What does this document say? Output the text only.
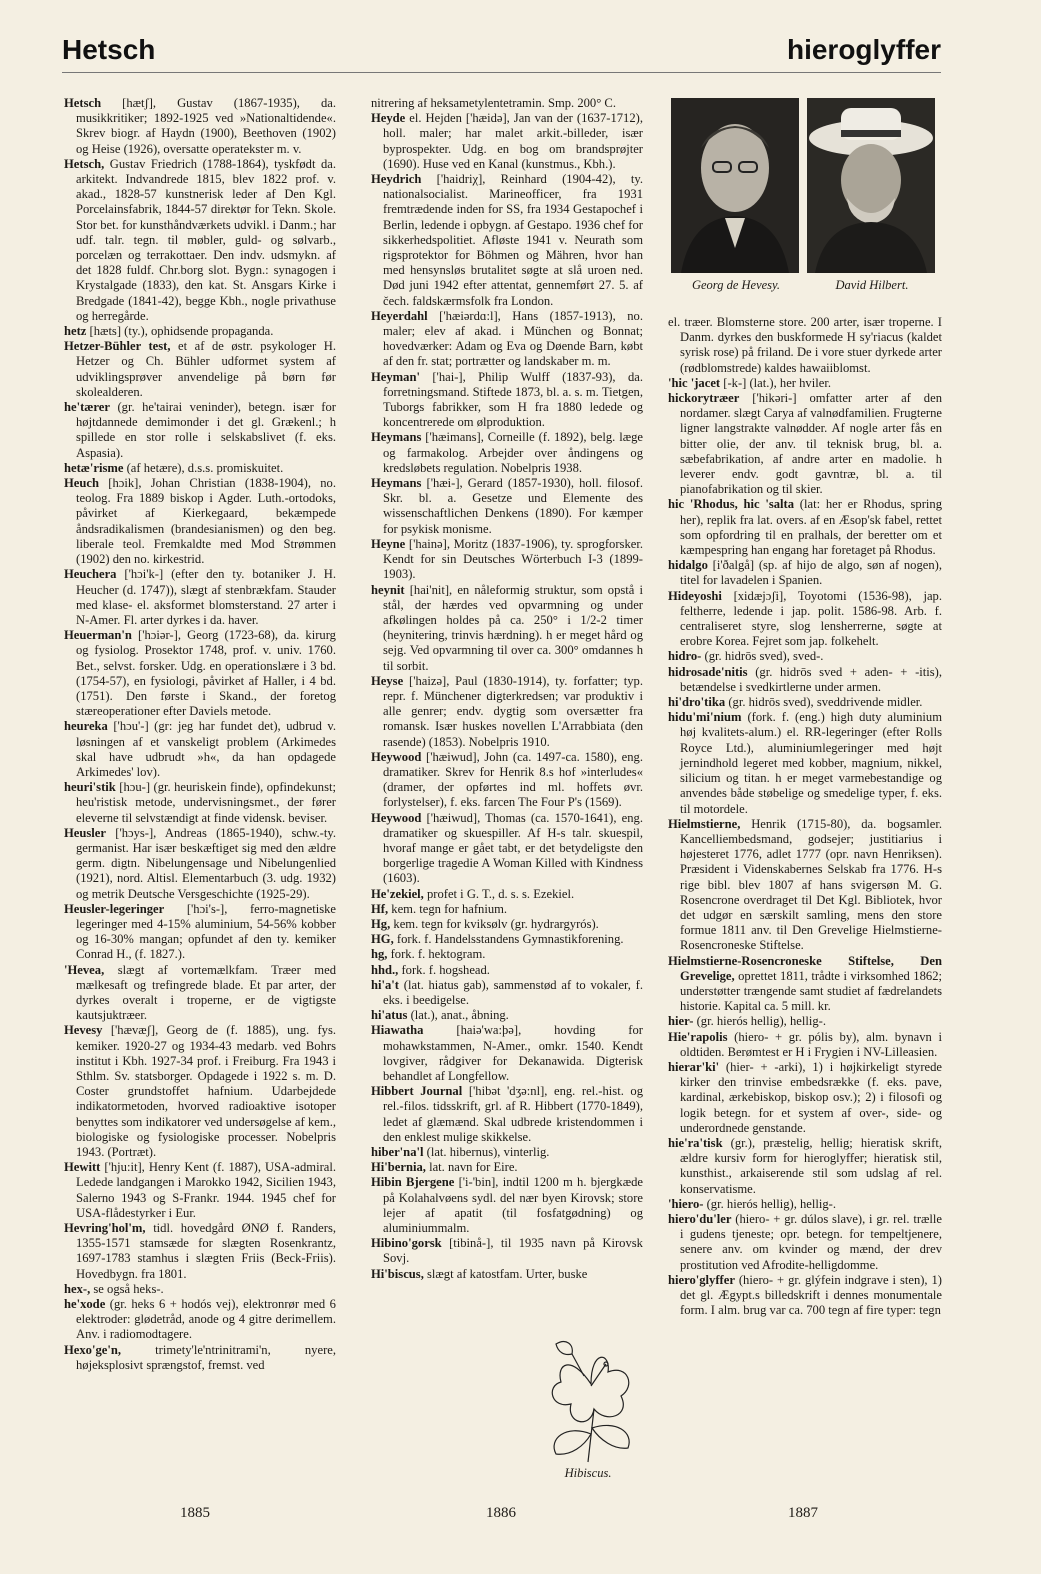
Hetsch	hieroglyffer

Hetsch [hætʃ], Gustav (1867-1935), da. musikkritiker; 1892-1925 ved »Nationaltidende«. Skrev biogr. af Haydn (1900), Beethoven (1902) og Heise (1926), oversatte operatekster m. v.

Hetsch, Gustav Friedrich (1788-1864), tyskfødt da. arkitekt. Indvandrede 1815, blev 1822 prof. v. akad., 1828-57 kunstnerisk leder af Den Kgl. Porcelainsfabrik, 1844-57 direktør for Tekn. Skole. Stor bet. for kunsthåndværkets udvikl. i Danm.; har udf. talr. tegn. til møbler, guld- og sølvarb., porcelæn og terrakottaer. Den indv. udsmykn. af det 1828 fuldf. Chr.borg slot. Bygn.: synagogen i Krystalgade (1833), den kat. St. Ansgars Kirke i Bredgade (1841-42), begge Kbh., nogle privathuse og herregårde.

hetz [hæts] (ty.), ophidsende propaganda.

Hetzer-Bühler test, et af de østr. psykologer H. Hetzer og Ch. Bühler udformet system af udviklingsprøver anvendelige på børn før skolealderen.

he'tærer (gr. he'tairai veninder), betegn. især for højtdannede demimonder i det gl. Grækenl.; h spillede en stor rolle i selskabslivet (f. eks. Aspasia).

hetæ'risme (af hetære), d.s.s. promiskuitet.

Heuch [hɔik], Johan Christian (1838-1904), no. teolog. Fra 1889 biskop i Agder. Luth.-ortodoks, påvirket af Kierkegaard, bekæmpede åndsradikalismen (brandesianismen) og den beg. liberale teol. Fremkaldte med Mod Strømmen (1902) den no. kirkestrid.

Heuchera ['hɔi'k-] (efter den ty. botaniker J. H. Heucher (d. 1747)), slægt af stenbrækfam. Stauder med klase- el. aksformet blomsterstand. 27 arter i N-Amer. Fl. arter dyrkes i da. haver.

Heuerman'n ['hɔiər-], Georg (1723-68), da. kirurg og fysiolog. Prosektor 1748, prof. v. univ. 1760. Bet., selvst. forsker. Udg. en operationslære i 3 bd. (1754-57), en fysiologi, påvirket af Haller, i 4 bd. (1751). Den første i Skand., der foretog stæreoperationer efter Daviels metode.

heureka ['hɔu'-] (gr: jeg har fundet det), udbrud v. løsningen af et vanskeligt problem (Arkimedes skal have udbrudt »h«, da han opdagede Arkimedes' lov).

heuri'stik [hɔu-] (gr. heuriskein finde), opfindekunst; heu'ristisk metode, undervisningsmet., der fører eleverne til selvstændigt at finde vidensk. beviser.

Heusler ['hɔys-], Andreas (1865-1940), schw.-ty. germanist. Har især beskæftiget sig med den ældre germ. digtn. Nibelungensage und Nibelungenlied (1921), nord. Altisl. Elementarbuch (3. udg. 1932) og metrik Deutsche Versgeschichte (1925-29).

Heusler-legeringer ['hɔi's-], ferro-magnetiske legeringer med 4-15% aluminium, 54-56% kobber og 16-30% mangan; opfundet af den ty. kemiker Conrad H., (f. 1827.).

'Hevea, slægt af vortemælkfam. Træer med mælkesaft og trefingrede blade. Et par arter, der dyrkes overalt i troperne, er de vigtigste kautsjuktræer.

Hevesy ['hævæʃ], Georg de (f. 1885), ung. fys. kemiker. 1920-27 og 1934-43 medarb. ved Bohrs institut i Kbh. 1927-34 prof. i Freiburg. Fra 1943 i Sthlm. Sv. statsborger. Opdagede i 1922 s. m. D. Coster grundstoffet hafnium. Udarbejdede indikatormetoden, hvorved radioaktive isotoper benyttes som indikatorer ved undersøgelse af kem., biologiske og fysiologiske processer. Nobelpris 1943. (Portræt).

Hewitt ['hju:it], Henry Kent (f. 1887), USA-admiral. Ledede landgangen i Marokko 1942, Sicilien 1943, Salerno 1943 og S-Frankr. 1944. 1945 chef for USA-flådestyrker i Eur.

Hevring'hol'm, tidl. hovedgård ØNØ f. Randers, 1355-1571 stamsæde for slægten Rosenkrantz, 1697-1783 stamhus i slægten Friis (Beck-Friis). Hovedbygn. fra 1801.

hex-, se også heks-.

he'xode (gr. heks 6 + hodós vej), elektronrør med 6 elektroder: glødetråd, anode og 4 gitre derimellem. Anv. i radiomodtagere.

Hexo'ge'n,	trimety'le'ntrinitrami'n, nyere, højeksplosivt sprængstof, fremst. ved

nitrering af heksametylentetramin. Smp. 200° C.

Heyde el. Hejden ['hæidə], Jan van der (1637-1712), holl. maler; har malet arkit.-billeder, især byprospekter. Udg. en bog om brandsprøjter (1690). Huse ved en Kanal (kunstmus., Kbh.).

Heydrich ['haidriχ], Reinhard (1904-42), ty. nationalsocialist. Marineofficer, fra 1931 fremtrædende inden for SS, fra 1934 Gestapochef i Berlin, ledende i opbygn. af Gestapo. 1936 chef for sikkerhedspolitiet. Afløste 1941 v. Neurath som rigsprotektor for Böhmen og Mähren, hvor han med hensynsløs brutalitet søgte at slå uroen ned. Død juni 1942 efter attentat, gennemført 27. 5. af čech. faldskærmsfolk fra London.

Heyerdahl ['hæiərdɑ:l], Hans (1857-1913), no. maler; elev af akad. i München og Bonnat; hovedværker: Adam og Eva og Døende Barn, købt af den fr. stat; portrætter og landskaber m. m.

Heyman' ['hai-], Philip Wulff (1837-93), da. forretningsmand. Stiftede 1873, bl. a. s. m. Tietgen, Tuborgs fabrikker, som H fra 1880 ledede og koncentrerede om ølproduktion.

Heymans ['hæimans], Corneille (f. 1892), belg. læge og farmakolog. Arbejder over åndingens og kredsløbets regulation. Nobelpris 1938.

Heymans ['hæi-], Gerard (1857-1930), holl. filosof. Skr. bl. a. Gesetze und Elemente des wissenschaftlichen Denkens (1890). For kæmper for psykisk monisme.

Heyne ['hainə], Moritz (1837-1906), ty. sprogforsker. Kendt for sin Deutsches Wörterbuch I-3 (1899-1903).

heynit [hai'nit], en nåleformig struktur, som opstå i stål, der hærdes ved opvarmning og under afkølingen holdes på ca. 250° i 1/2-2 timer (heynitering, trinvis hærdning). h er meget hård og sejg. Ved opvarmning til over ca. 300° omdannes h til sorbit.

Heyse ['haizə], Paul (1830-1914), ty. forfatter; typ. repr. f. Münchener digterkredsen; var produktiv i alle genrer; endv. dygtig som oversætter fra romansk. Især huskes novellen L'Arrabbiata (den rasende) (1853). Nobelpris 1910.

Heywood ['hæiwud], John (ca. 1497-ca. 1580), eng. dramatiker. Skrev for Henrik 8.s hof »interludes« (dramer, der opførtes ind ml. hoffets øvr. forlystelser), f. eks. farcen The Four P's (1569).

Heywood ['hæiwud], Thomas (ca. 1570-1641), eng. dramatiker og skuespiller. Af H-s talr. skuespil, hvoraf mange er gået tabt, er det betydeligste den borgerlige tragedie A Woman Killed with Kindness (1603).

He'zekiel, profet i G. T., d. s. s. Ezekiel.

Hf, kem. tegn for hafnium.

Hg, kem. tegn for kviksølv (gr. hydrargyrós).

HG, fork. f. Handelsstandens Gymnastikforening.

hg, fork. f. hektogram.

hhd., fork. f. hogshead.

hi'a't (lat. hiatus gab), sammenstød af to vokaler, f. eks. i beedigelse.

hi'atus (lat.), anat., åbning.

Hiawatha	[haiə'wa:þə], hovding for mohawkstammen, N-Amer., omkr. 1540. Kendt lovgiver, rådgiver for Dekanawida. Digterisk behandlet af Longfellow.

Hibbert Journal ['hibət 'dʒə:nl], eng. rel.-hist. og rel.-filos. tidsskrift, grl. af R. Hibbert (1770-1849), ledet af glæmænd. Skal udbrede kristendommen i den enklest mulige skikkelse.

hiber'na'l (lat. hibernus), vinterlig.

Hi'bernia, lat. navn for Eire.

Hibin Bjergene ['i-'bin], indtil 1200 m h. bjergkæde på Kolahalvøens sydl. del nær byen Kirovsk; store lejer af apatit (til fosfatgødning) og aluminiummalm.

Hibino'gorsk [tibinå-], til 1935 navn på Kirovsk Sovj.

Hi'biscus, slægt af katostfam. Urter, buske

Georg de Hevesy.	David Hilbert.

el. træer. Blomsterne store. 200 arter, især troperne. I Danm. dyrkes den buskformede H sy'riacus (kaldet syrisk rose) på friland. De i vore stuer dyrkede arter (rødblomstrede) kaldes hawaiiblomst.

'hic 'jacet [-k-] (lat.), her hviler.

hickorytræer ['hikəri-] omfatter arter af den nordamer. slægt Carya af valnødfamilien. Frugterne ligner langstrakte valnødder. Af nogle arter fås en bitter olie, der anv. til teknisk brug, bl. a. sæbefabrikation, af andre arter en madolie. h leverer endv. godt gavntræ, bl. a. til pianofabrikation og til skier.

hic 'Rhodus, hic 'salta (lat: her er Rhodus, spring her), replik fra lat. overs. af en Æsop'sk fabel, rettet som opfordring til en pralhals, der beretter om et kæmpespring han engang har foretaget på Rhodus.

hidalgo [i'ðalgå] (sp. af hijo de algo, søn af nogen), titel for lavadelen i Spanien.

Hideyoshi [xidæjɔʃi], Toyotomi (1536-98), jap. feltherre, ledende i jap. polit. 1586-98. Arb. f. centraliseret styre, slog lensherrerne, søgte at erobre Korea. Fejret som jap. folkehelt.

hidro- (gr. hidrōs sved), sved-.

hidrosade'nitis (gr. hidrōs sved + aden- + -itis), betændelse i svedkirtlerne under armen.

hi'dro'tika (gr. hidrōs sved), sveddrivende midler.

hidu'mi'nium (fork. f. (eng.) high duty aluminium høj kvalitets-alum.) el. RR-legeringer (efter Rolls Royce Ltd.), aluminiumlegeringer med højt jernindhold legeret med kobber, magnium, nikkel, silicium og titan. h er meget varmebestandige og anvendes både støbelige og smedelige typer, f. eks. til motordele.

Hielmstierne, Henrik (1715-80), da. bogsamler. Kancelliembedsmand, godsejer; justitiarius i højesteret 1776, adlet 1777 (opr. navn Henriksen). Præsident i Videnskabernes Selskab fra 1776. H-s rige bibl. blev 1807 af hans svigersøn M. G. Rosencrone overdraget til Det Kgl. Bibliotek, hvor det udgør en særskilt samling, mens den store formue 1811 anv. til Den Grevelige Hielmstierne-Rosencroneske Stiftelse.

Hielmstierne-Rosencroneske Stiftelse, Den Grevelige, oprettet 1811, trådte i virksomhed 1862; understøtter trængende samt studiet af fædrelandets historie. Kapital ca. 5 mill. kr.

hier- (gr. hierós hellig), hellig-.

Hie'rapolis (hiero- + gr. pólis by), alm. bynavn i oldtiden. Berømtest er H i Frygien i NV-Lilleasien.

hierar'ki' (hier- + -arki), 1) i højkirkeligt styrede kirker den trinvise embedsrække (f. eks. pave, kardinal, ærkebiskop, biskop osv.); 2) i filosofi og logik betegn. for et system af over-, side- og underordnede genstande.

hie'ra'tisk (gr.), præstelig, hellig; hieratisk skrift, ældre kursiv form for hieroglyffer; hieratisk stil, kunsthist., arkaiserende stil som udslag af rel. konservatisme.

'hiero- (gr. hierós hellig), hellig-.

hiero'du'ler (hiero- + gr. dúlos slave), i gr. rel. trælle i gudens tjeneste; opr. betegn. for tempeltjenere, senere anv. om kvinder og mænd, der drev prostitution ved Afrodite-helligdomme.

hiero'glyffer (hiero- + gr. glýfein indgrave i sten), 1) det gl. Ægypt.s billedskrift i dennes monumentale form. I alm. brug var ca. 700 tegn af fire typer: tegn

Hibiscus.
1885	1886	1887
